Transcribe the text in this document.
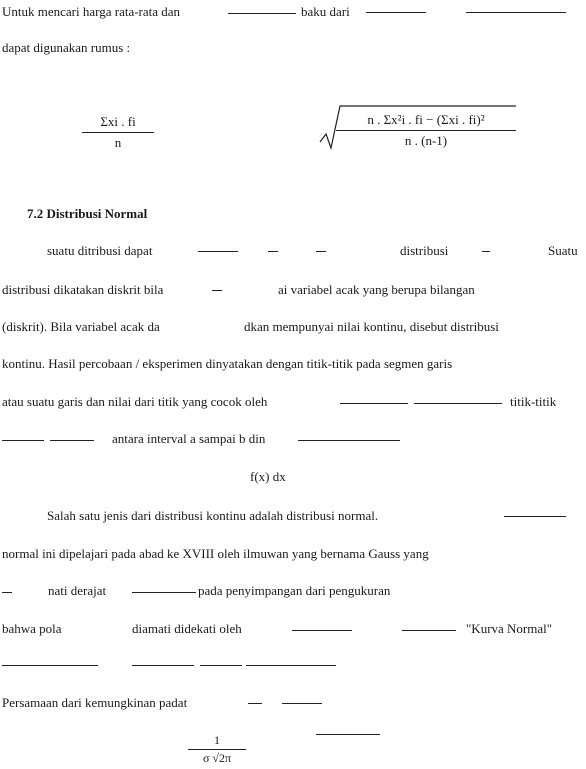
Untuk mencari harga rata-rata dan	baku dari
dapat digunakan rumus :
Σxi . fi
n
n . Σx²i . fi − (Σxi . fi)²
n . (n-1)
7.2 Distribusi Normal
suatu ditribusi dapat	distribusi	Suatu
distribusi dikatakan diskrit bila	ai variabel acak yang berupa bilangan
(diskrit). Bila variabel acak da	dkan mempunyai nilai kontinu, disebut distribusi
kontinu. Hasil percobaan / eksperimen dinyatakan dengan titik-titik pada segmen garis
atau suatu garis dan nilai dari titik yang cocok oleh	titik-titik
antara interval a sampai b din
f(x) dx
Salah satu jenis dari distribusi kontinu adalah distribusi normal.
normal ini dipelajari pada abad ke XVIII oleh ilmuwan yang bernama Gauss yang
nati derajat	pada penyimpangan dari pengukuran
bahwa pola	diamati didekati oleh	"Kurva Normal"
Persamaan dari kemungkinan padat
1
σ √2π
